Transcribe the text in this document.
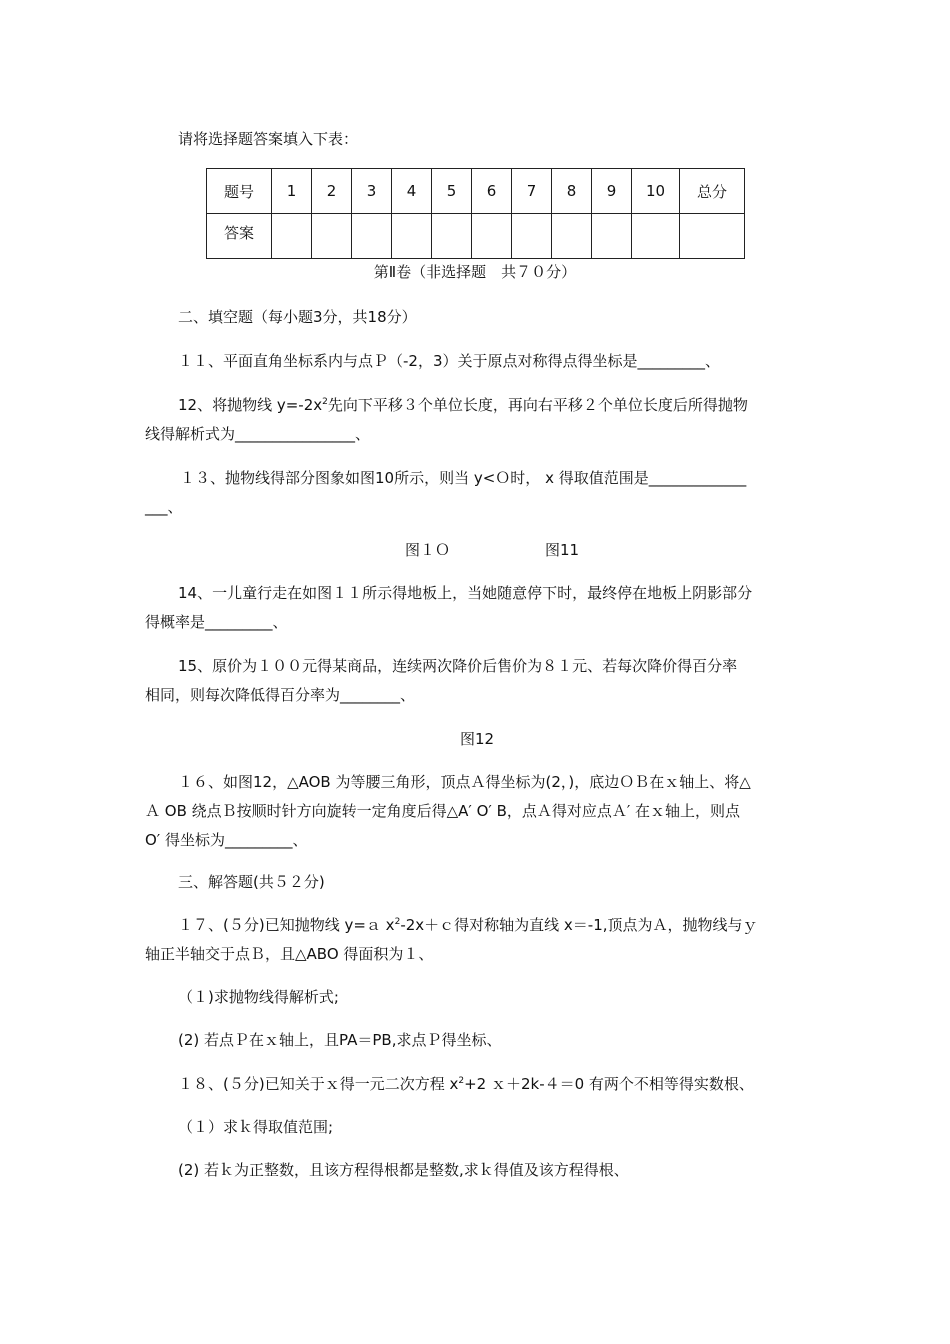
请将选择题答案填入下表：
题号	1	2	3	4	5	6	7	8	9	10	总分
答案											
第Ⅱ卷（非选择题　共７０分）
二、填空题（每小题3分，共18分）
１１、平面直角坐标系内与点Ｐ（-2，3）关于原点对称得点得坐标是_________、
12、将抛物线 $y=-2x^2$先向下平移３个单位长度，再向右平移２个单位长度后所得抛物
线得解析式为________________、
１３、抛物线得部分图象如图10所示，则当 y<Ｏ时， x 得取值范围是_____________
___、
图１Ｏ	图11
14、一儿童行走在如图１１所示得地板上，当她随意停下时，最终停在地板上阴影部分
得概率是_________、
15、原价为１００元得某商品，连续两次降价后售价为８１元、若每次降价得百分率
相同，则每次降低得百分率为________、
图12
１６、如图12，△AOB 为等腰三角形，顶点Ａ得坐标为(2，)，底边ＯＢ在ｘ轴上、将△
Ａ OB 绕点Ｂ按顺时针方向旋转一定角度后得△A′ O′ B，点Ａ得对应点Ａ′ 在ｘ轴上，则点
O′ 得坐标为_________、
三、解答题(共５２分)
１７、(５分)已知抛物线 y=ａ $x^2-2x+c$得对称轴为直线 x＝-1,顶点为Ａ，抛物线与ｙ
轴正半轴交于点Ｂ，且△ABO 得面积为１、
（１)求抛物线得解析式;
(2) 若点Ｐ在ｘ轴上，且PA＝PB,求点Ｐ得坐标、
１８、(５分)已知关于ｘ得一元二次方程 $x^2+2$ ｘ＋2k-４＝0 有两个不相等得实数根、
（１）求ｋ得取值范围;
(2) 若ｋ为正整数，且该方程得根都是整数,求ｋ得值及该方程得根、
